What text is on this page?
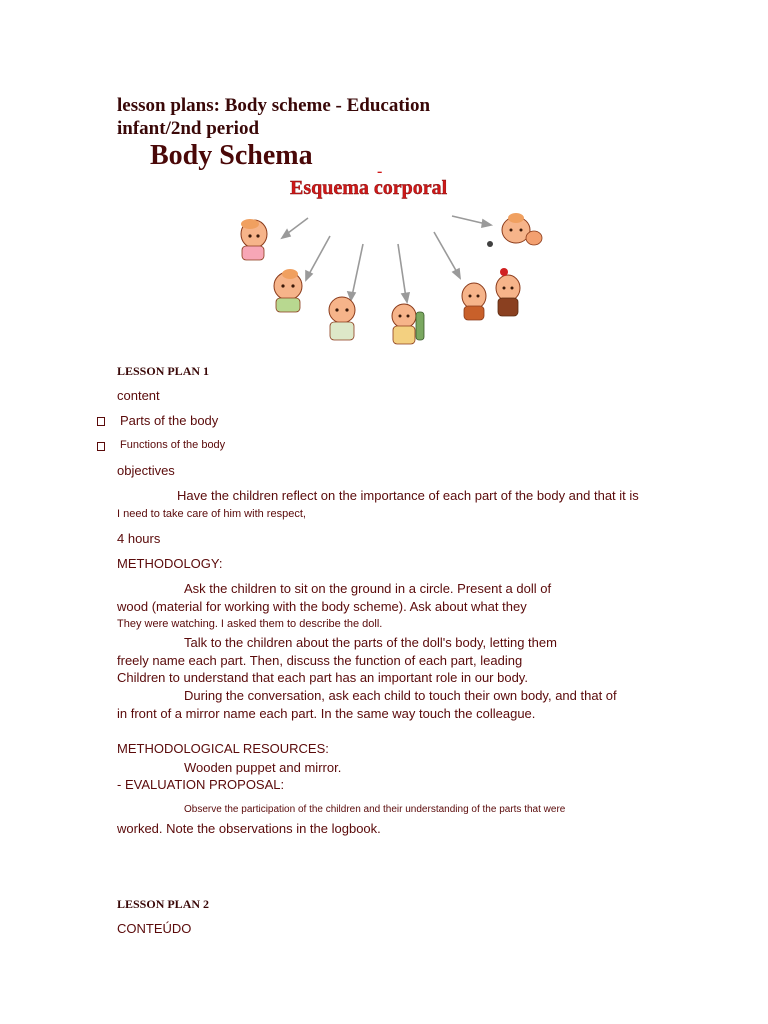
lesson plans: Body scheme - Education
infant/2nd period
Body Schema
-
Esquema corporal
LESSON PLAN 1
content
Parts of the body
Functions of the body
objectives
Have the children reflect on the importance of each part of the body and that it is
I need to take care of him with respect,
4 hours
METHODOLOGY:
Ask the children to sit on the ground in a circle. Present a doll of
wood (material for working with the body scheme). Ask about what they
They were watching. I asked them to describe the doll.
Talk to the children about the parts of the doll's body, letting them
freely name each part. Then, discuss the function of each part, leading
Children to understand that each part has an important role in our body.
During the conversation, ask each child to touch their own body, and that of
in front of a mirror name each part. In the same way touch the colleague.
METHODOLOGICAL RESOURCES:
Wooden puppet and mirror.
- EVALUATION PROPOSAL:
Observe the participation of the children and their understanding of the parts that were
worked. Note the observations in the logbook.
LESSON PLAN 2
CONTEÚDO
